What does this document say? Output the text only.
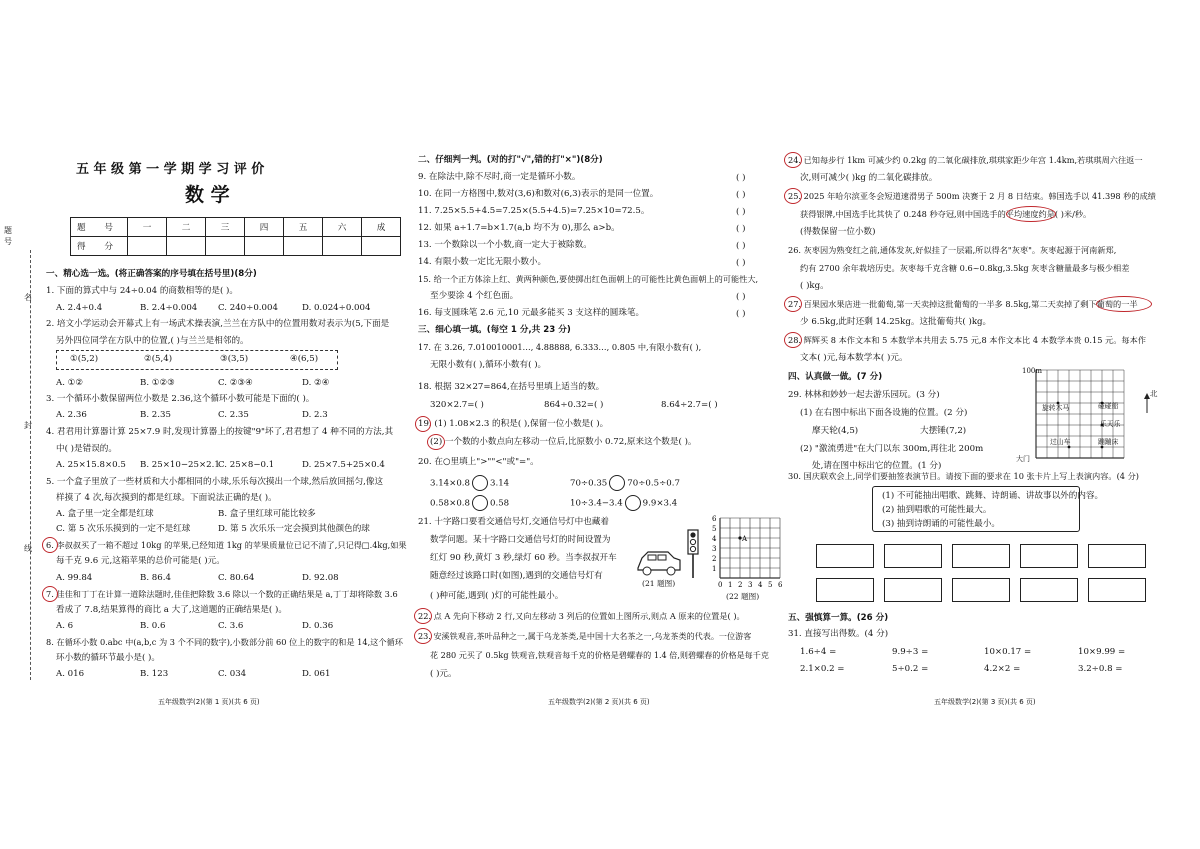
题
号
名
封
线
五 年 级 第 一 学 期 学 习 评 价
数 学
题 号	一	二	三	四	五	六	成
得 分							
一、精心选一选。(将正确答案的序号填在括号里)(8分)
1. 下面的算式中与 24÷0.04 的商数相等的是( )。
A. 2.4÷0.4	B. 2.4÷0.004 C. 240÷0.004	D. 0.024÷0.004
2. 培文小学运动会开幕式上有一场武术操表演,兰兰在方队中的位置用数对表示为(5,下面是
另外四位同学在方队中的位置,( )与兰兰是相邻的。
①(5,2)	②(5,4)	③(3,5)	④(6,5)
A. ①②	B. ①②③	C. ②③④	D. ②④
3. 一个循环小数保留两位小数是 2.36,这个循环小数可能是下面的( )。
A. 2.36	B. 2.35	C. 2.35	D. 2.3
4. 君君用计算器计算 25×7.9 时,发现计算器上的按键"9"坏了,君君想了 4 种不同的方法,其
中( )是错误的。
A. 25×15.8×0.5 B. 25×10−25×2.1
C. 25×8−0.1	D. 25×7.5+25×0.4
5. 一个盒子里放了一些材质和大小都相同的小球,乐乐每次摸出一个球,然后放回摇匀,像这
样摸了 4 次,每次摸到的都是红球。下面说法正确的是( )。
A. 盒子里一定全都是红球	B. 盒子里红球可能比较多
C. 第 5 次乐乐摸到的一定不是红球	D. 第 5 次乐乐一定会摸到其他颜色的球
6. 李叔叔买了一箱不超过 10kg 的苹果,已经知道 1kg 的苹果质量位已记不清了,只记得□.4kg,如果
每千克 9.6 元,这箱苹果的总价可能是( )元。
A. 99.84	B. 86.4	C. 80.64	D. 92.08
7. 佳佳和丁丁在计算一道除法题时,佳佳把除数 3.6 除以一个数的正确结果是 a,丁丁却将除数 3.6
看成了 7.8,结果算得的商比 a 大了,这道题的正确结果是( )。
A. 6	B. 0.6	C. 3.6	D. 0.36
8. 在循环小数 0.abc 中(a,b,c 为 3 个不同的数字),小数部分前 60 位上的数字的和是 14,这个循环
环小数的循环节最小是( )。
A. 016	B. 123	C. 034	D. 061
五年级数学(2)(第 1 页)(共 6 页)
二、仔细判一判。(对的打"√",错的打"×")(8分)
9. 在除法中,除不尽时,商一定是循环小数。	( )
10. 在同一方格图中,数对(3,6)和数对(6,3)表示的是同一位置。	( )
11. 7.25×5.5+4.5=7.25×(5.5+4.5)=7.25×10=72.5。	( )
12. 如果 a÷1.7=b×1.7(a,b 均不为 0),那么 a>b。	( )
13. 一个数除以一个小数,商一定大于被除数。	( )
14. 有限小数一定比无限小数小。	( )
15. 给一个正方体涂上红、黄两种颜色,要使掷出红色面朝上的可能性比黄色面朝上的可能性大,
至少要涂 4 个红色面。	( )
16. 每支圆珠笔 2.6 元,10 元最多能买 3 支这样的圆珠笔。	( )
三、细心填一填。(每空 1 分,共 23 分)
17. 在 3.26, 7.010010001…, 4.88888, 6.333…, 0.805 中,有限小数有( ),
无限小数有( ),循环小数有( )。
18. 根据 32×27=864,在括号里填上适当的数。
320×2.7=( )	864÷0.32=( )	8.64÷2.7=( )
19. (1) 1.08×2.3 的积是( ),保留一位小数是( )。
(2) 一个数的小数点向左移动一位后,比原数小 0.72,原来这个数是( )。
20. 在○里填上">""<"或"="。
3.14×0.8 3.14	70÷0.35 70÷0.5÷0.7
0.58×0.8 0.58	10÷3.4−3.4 9.9×3.4
21. 十字路口要看交通信号灯,交通信号灯中也藏着
数学问题。某十字路口交通信号灯的时间设置为
红灯 90 秒,黄灯 3 秒,绿灯 60 秒。当李叔叔开车
随意经过该路口时(如图),遇到的交通信号灯有
( )种可能,遇到( )灯的可能性最小。
(21 题图)	0 1 2 3 4 5 6
1
2
3
4
5
6
A
(22 题图)
22. 点 A 先向下移动 2 行,又向左移动 3 列后的位置如上图所示,则点 A 原来的位置是( )。
23. 安溪铁观音,茶叶品种之一,属于乌龙茶类,是中国十大名茶之一,乌龙茶类的代表。一位游客
花 280 元买了 0.5kg 铁观音,铁观音每千克的价格是碧螺春的 1.4 倍,则碧螺春的价格是每千克
( )元。
五年级数学(2)(第 2 页)(共 6 页)
24. 已知每步行 1km 可减少约 0.2kg 的二氧化碳排放,琪琪家距少年宫 1.4km,若琪琪周六往返一
次,则可减少( )kg 的二氧化碳排放。
25. 2025 年哈尔滨亚冬会短道速滑男子 500m 决赛于 2 月 8 日结束。韩国选手以 41.398 秒的成绩
获得银牌,中国选手比其快了 0.248 秒夺冠,则中国选手的平均速度约是( )米/秒。
(得数保留一位小数)
26. 灰枣因为熟变红之前,通体发灰,好似挂了一层霜,所以得名"灰枣"。灰枣起源于河南新郑,
约有 2700 余年栽培历史。灰枣每千克含糖 0.6~0.8kg,3.5kg 灰枣含糖量最多与极少相差
( )kg。
27. 百果园水果店进一批葡萄,第一天卖掉这批葡萄的一半多 8.5kg,第二天卖掉了剩下葡萄的一半
少 6.5kg,此时还剩 14.25kg。这批葡萄共( )kg。
28. 辉辉买 8 本作文本和 5 本数学本共用去 5.75 元,8 本作文本比 4 本数学本贵 0.15 元。每本作
文本( )元,每本数学本( )元。
四、认真做一做。(7 分)
29. 林林和妙妙一起去游乐园玩。(3 分)
(1) 在右图中标出下面各设施的位置。(2 分)
摩天轮(4,5)	大摆锤(7,2)
(2) "激流勇进"在大门以东 300m,再往北 200m
处,请在图中标出它的位置。(1 分)
100m
大门
旋转木马	碰碰船
乐天乐
过山车	蹦蹦床
北
30. 国庆联欢会上,同学们要抽签表演节目。请按下面的要求在 10 张卡片上写上表演内容。(4 分)
(1) 不可能抽出唱歌、跳舞、诗朗诵、讲故事以外的内容。
(2) 抽到唱歌的可能性最大。
(3) 抽到诗朗诵的可能性最小。
五、强慎算一算。(26 分)
31. 直接写出得数。(4 分)
1.6÷4 =	9.9÷3 =	10×0.17 =	10×9.99 =
2.1×0.2 =	5÷0.2 =	4.2×2 =	3.2÷0.8 =
五年级数学(2)(第 3 页)(共 6 页)
